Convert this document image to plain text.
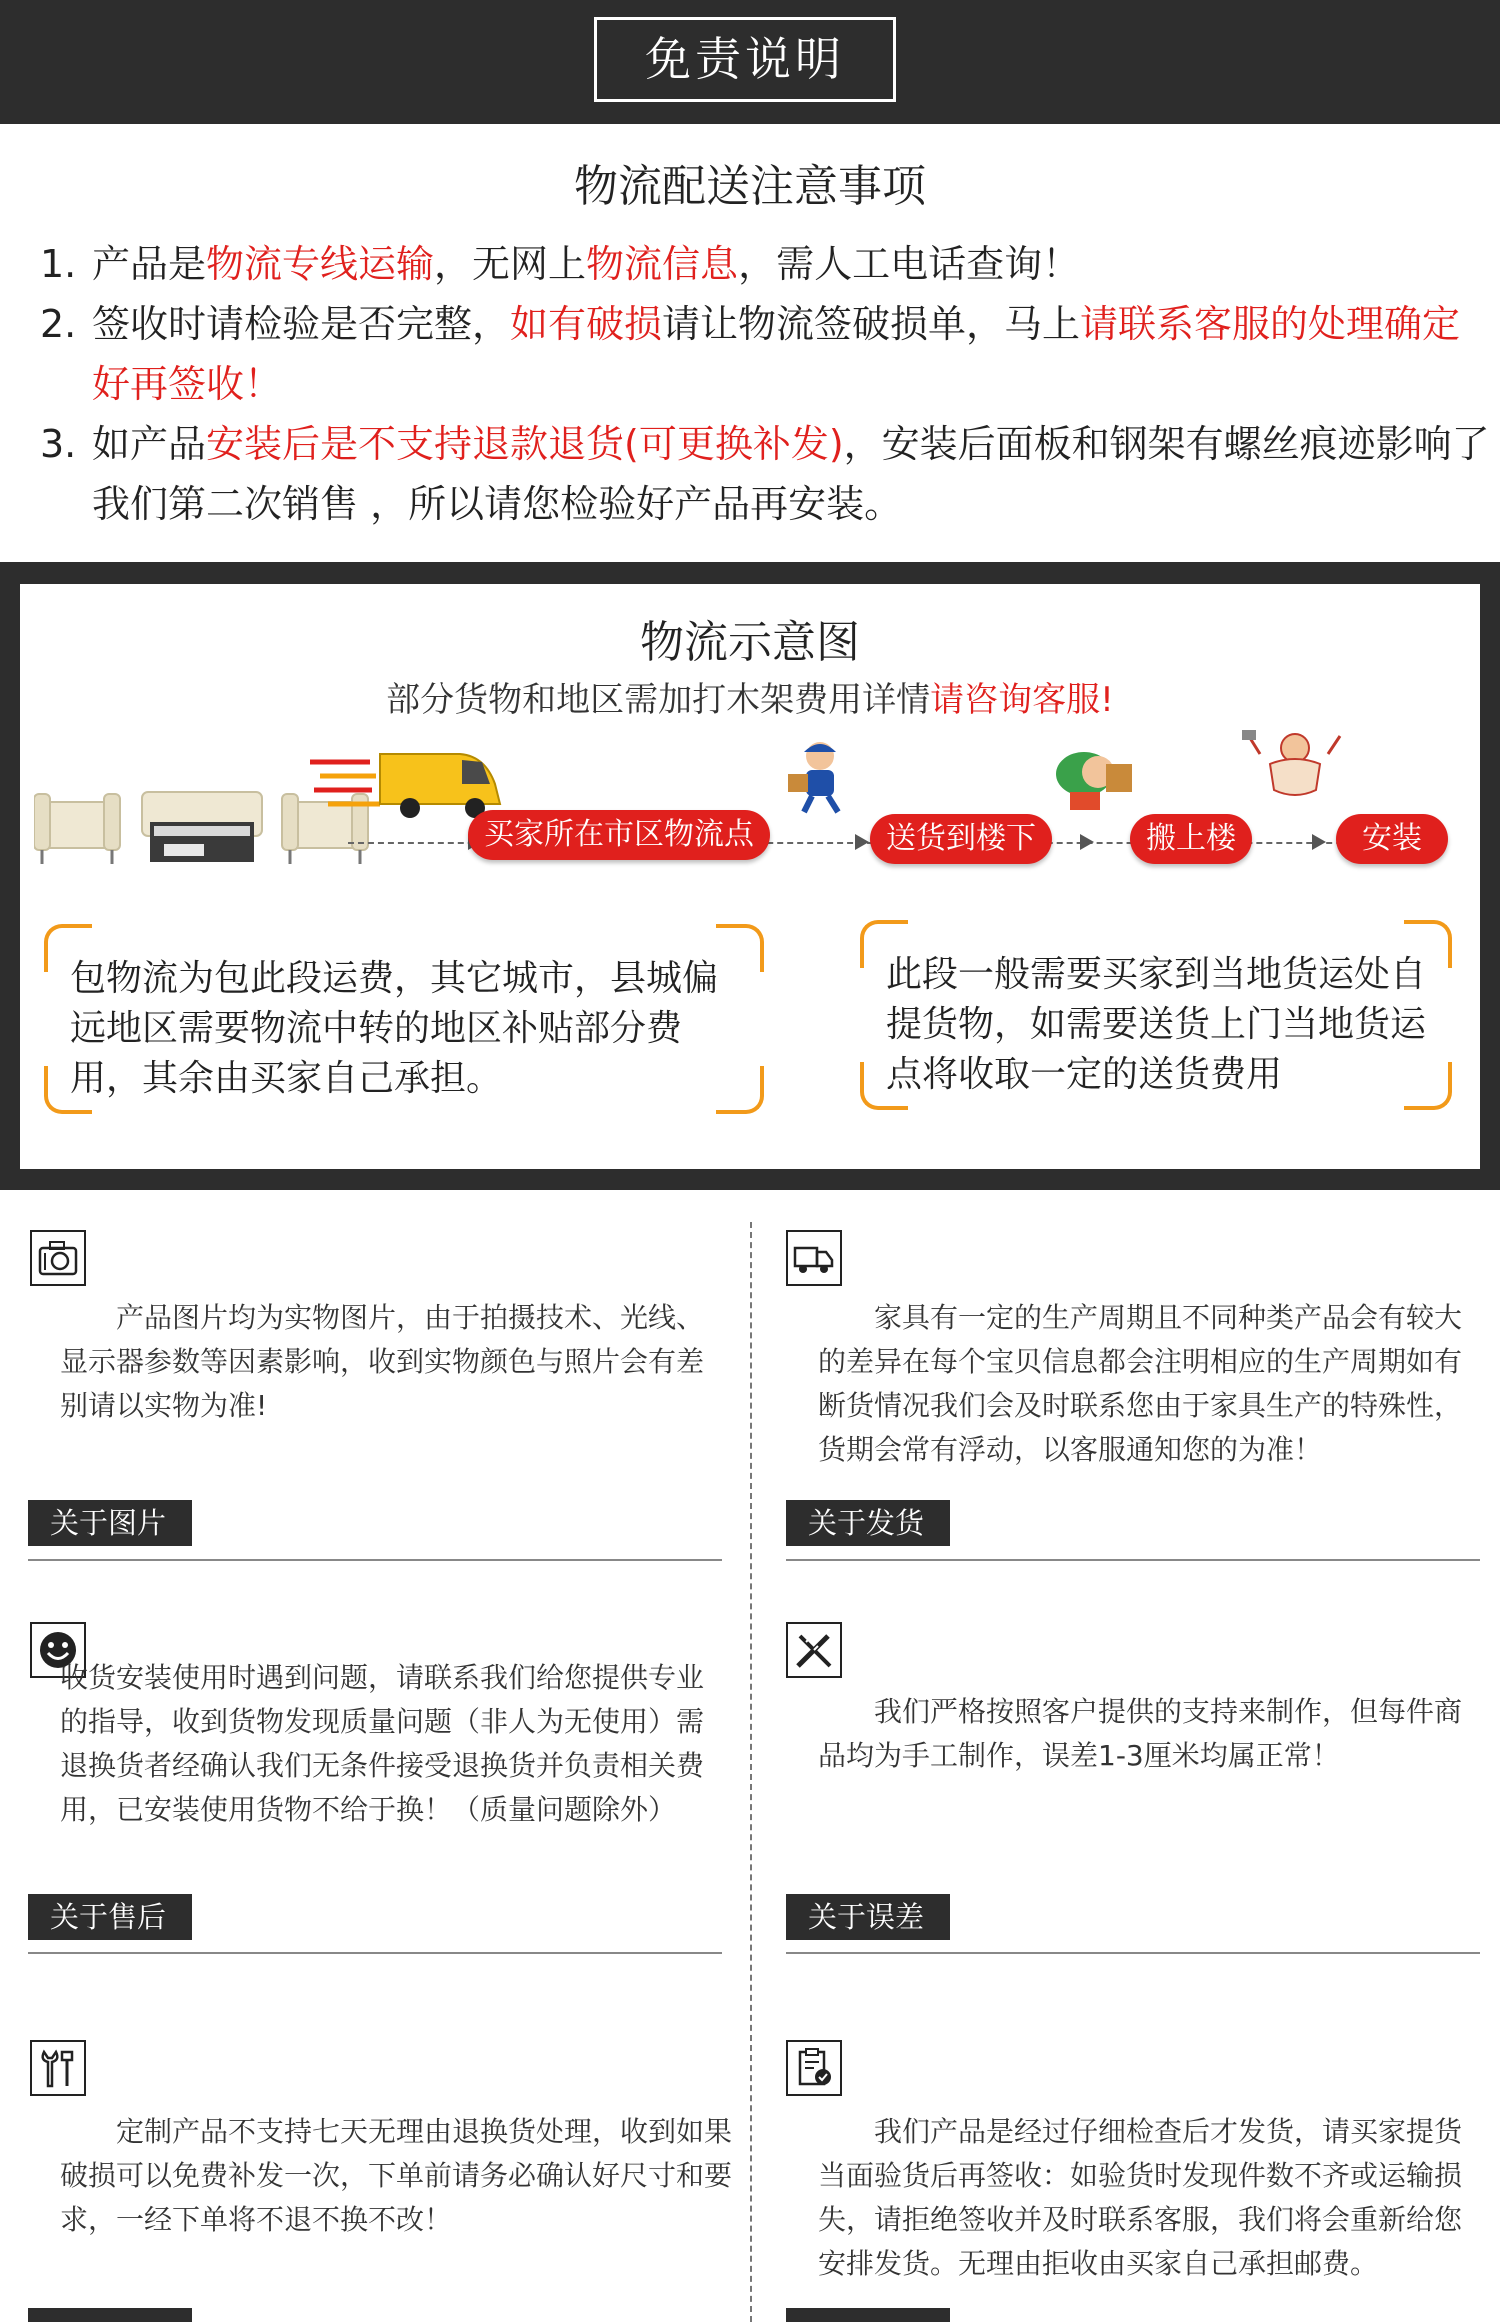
免责说明
物流配送注意事项
1. 产品是物流专线运输，无网上物流信息，需人工电话查询！
2. 签收时请检验是否完整，如有破损请让物流签破损单，马上请联系客服的处理确定好再签收！
3. 如产品安装后是不支持退款退货(可更换补发)，安装后面板和钢架有螺丝痕迹影响了我们第二次销售 ，所以请您检验好产品再安装。
物流示意图
部分货物和地区需加打木架费用详情请咨询客服!
买家所在市区物流点	送货到楼下	搬上楼	安装
包物流为包此段运费，其它城市，县城偏远地区需要物流中转的地区补贴部分费用，其余由买家自己承担。
此段一般需要买家到当地货运处自提货物，如需要送货上门当地货运点将收取一定的送货费用
产品图片均为实物图片，由于拍摄技术、光线、显示器参数等因素影响，收到实物颜色与照片会有差别请以实物为准!
关于图片
家具有一定的生产周期且不同种类产品会有较大的差异在每个宝贝信息都会注明相应的生产周期如有断货情况我们会及时联系您由于家具生产的特殊性，货期会常有浮动，以客服通知您的为准！
关于发货
收货安装使用时遇到问题，请联系我们给您提供专业的指导，收到货物发现质量问题（非人为无使用）需退换货者经确认我们无条件接受退换货并负责相关费用，已安装使用货物不给于换！（质量问题除外）
关于售后
我们严格按照客户提供的支持来制作，但每件商品均为手工制作，误差1-3厘米均属正常！
关于误差
定制产品不支持七天无理由退换货处理，收到如果破损可以免费补发一次，下单前请务必确认好尺寸和要求，一经下单将不退不换不改！
我们产品是经过仔细检查后才发货，请买家提货当面验货后再签收：如验货时发现件数不齐或运输损失，请拒绝签收并及时联系客服，我们将会重新给您安排发货。无理由拒收由买家自己承担邮费。
